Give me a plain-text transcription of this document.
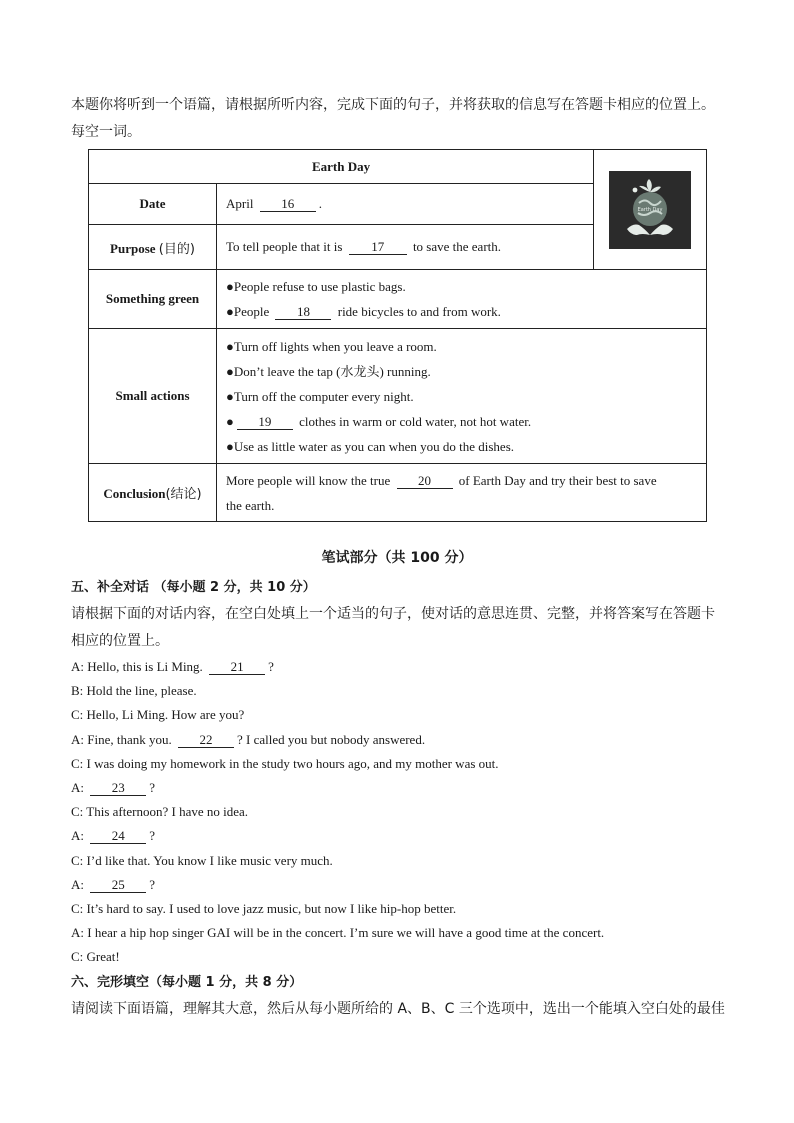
本题你将听到一个语篇，请根据所听内容，完成下面的句子，并将获取的信息写在答题卡相应的位置上。
每空一词。
Earth Day		Earth Day

Date	April 16 .	
Purpose (目的)	To tell people that it is 17 to save the earth.	
Something green	●People refuse to use plastic bags.
●People 18 ride bicycles to and from work.	

Small actions	●Turn off lights when you leave a room.
●Don’t leave the tap (水龙头) running.
●Turn off the computer every night.
● 19 clothes in warm or cold water, not hot water.
●Use as little water as you can when you do the dishes.	

Conclusion(结论)	More people will know the true 20 of Earth Day and try their best to save
the earth.	
笔试部分（共 100 分）
五、补全对话 （每小题 2 分，共 10 分）
请根据下面的对话内容，在空白处填上一个适当的句子，使对话的意思连贯、完整，并将答案写在答题卡
相应的位置上。
A: Hello, this is Li Ming. 21 ?
B: Hold the line, please.
C: Hello, Li Ming. How are you?
A: Fine, thank you. 22 ? I called you but nobody answered.
C: I was doing my homework in the study two hours ago, and my mother was out.
A: 23 ?
C: This afternoon? I have no idea.
A: 24 ?
C: I’d like that. You know I like music very much.
A: 25 ?
C: It’s hard to say. I used to love jazz music, but now I like hip-hop better.
A: I hear a hip hop singer GAI will be in the concert. I’m sure we will have a good time at the concert.
C: Great!
六、完形填空（每小题 1 分，共 8 分）
请阅读下面语篇，理解其大意，然后从每小题所给的 A、B、C 三个选项中，选出一个能填入空白处的最佳
